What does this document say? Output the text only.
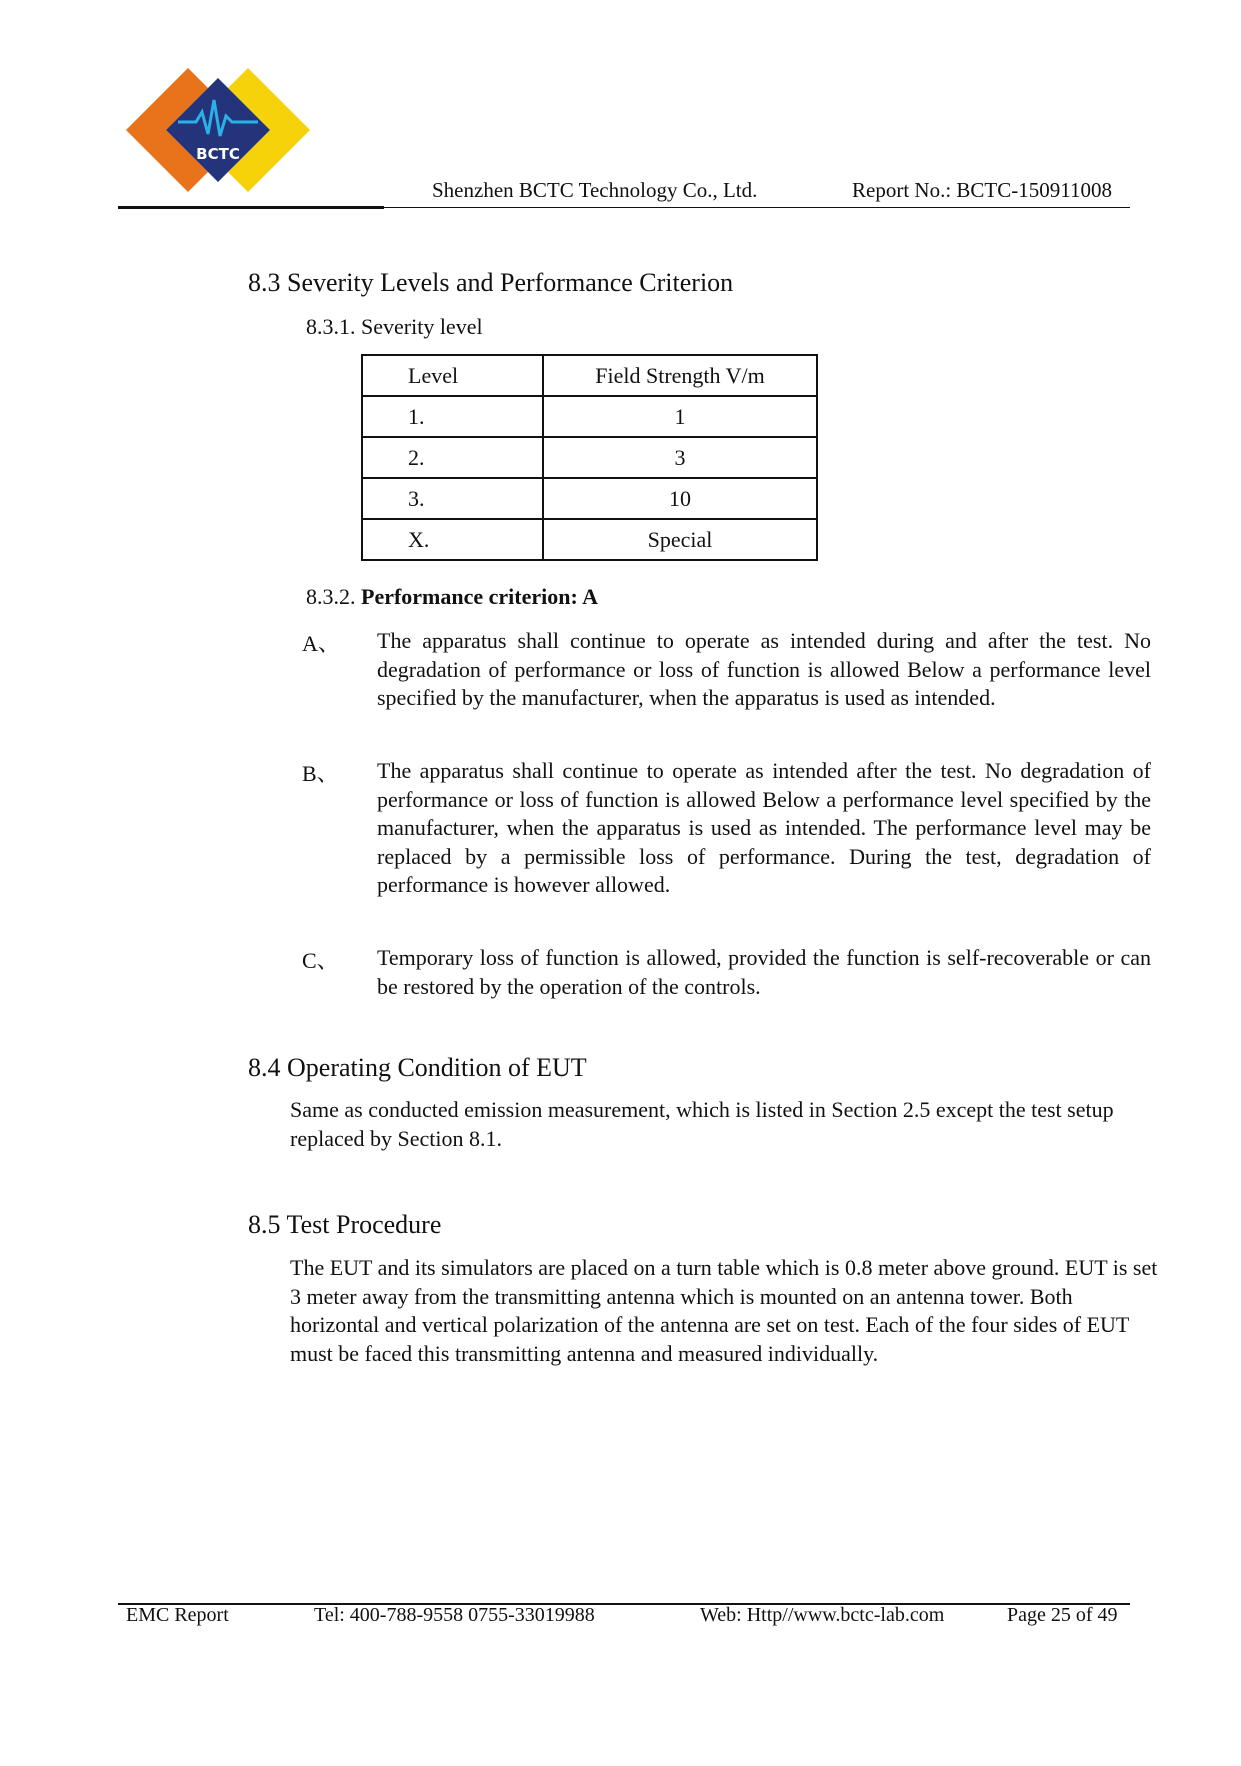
BCTC
Shenzhen BCTC Technology Co., Ltd.	Report No.: BCTC-150911008
8.3 Severity Levels and Performance Criterion
8.3.1. Severity level
Level	Field Strength V/m
1.	1
2.	3
3.	10
X.	Special
8.3.2. Performance criterion: A
A、 The apparatus shall continue to operate as intended during and after the test. No degradation of performance or loss of function is allowed Below a performance level specified by the manufacturer, when the apparatus is used as intended.
B、 The apparatus shall continue to operate as intended after the test. No degradation of performance or loss of function is allowed Below a performance level specified by the manufacturer, when the apparatus is used as intended. The performance level may be replaced by a permissible loss of performance. During the test, degradation of performance is however allowed.
C、 Temporary loss of function is allowed, provided the function is self-recoverable or can be restored by the operation of the controls.
8.4 Operating Condition of EUT
Same as conducted emission measurement, which is listed in Section 2.5 except the test setup replaced by Section 8.1.
8.5 Test Procedure
The EUT and its simulators are placed on a turn table which is 0.8 meter above ground. EUT is set 3 meter away from the transmitting antenna which is mounted on an antenna tower. Both horizontal and vertical polarization of the antenna are set on test. Each of the four sides of EUT must be faced this transmitting antenna and measured individually.
EMC Report	Tel: 400-788-9558 0755-33019988	Web: Http//www.bctc-lab.com	Page 25 of 49
